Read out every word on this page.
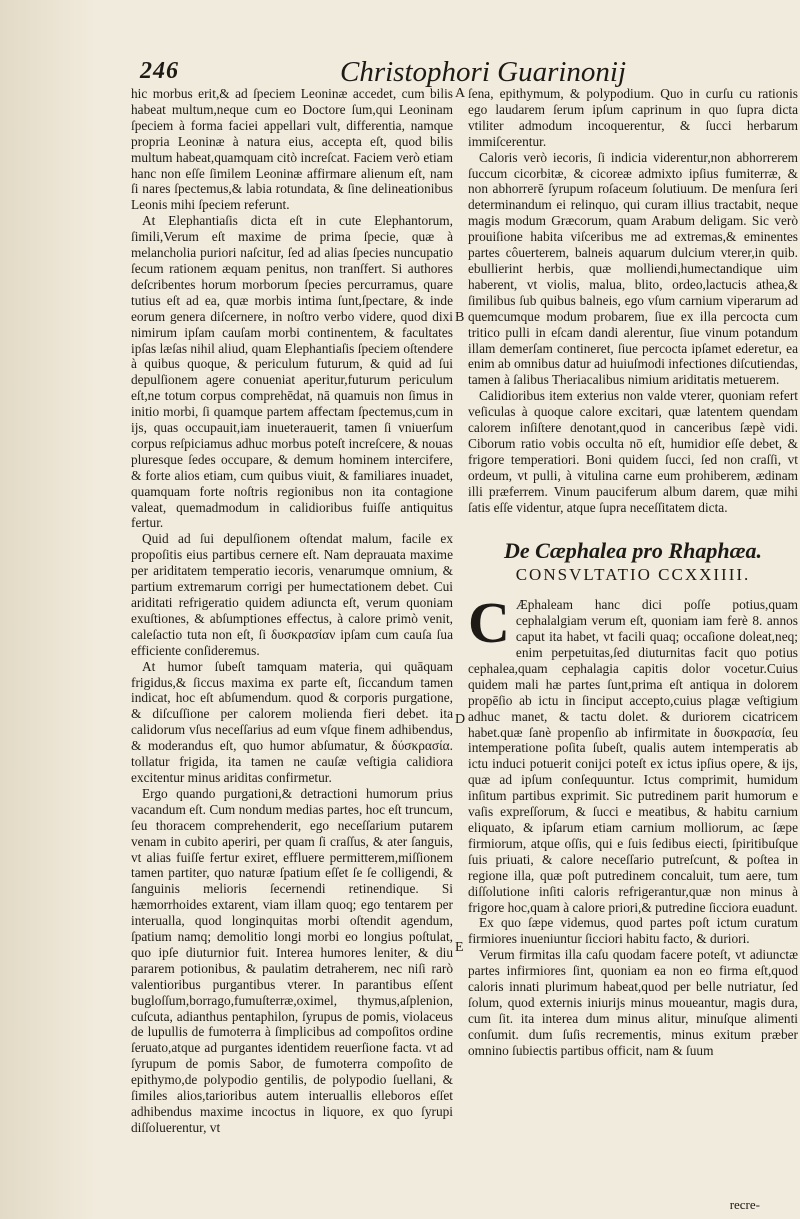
246	Christophori Guarinonij
A
B
D
E

hic morbus erit,& ad ſpeciem Leoninæ accedet, cum bilis habeat multum,neque cum eo Doctore ſum,qui Leoninam ſpeciem à forma faciei appellari vult, differentia, namque propria Leoninæ à natura eius, accepta eſt, quod bilis multum habeat,quamquam citò increſcat. Faciem verò etiam hanc non eſſe ſimilem Leoninæ affirmare alienum eſt, nam ſi nares ſpectemus,& labia rotundata, & ſine delineationibus Leonis mihi ſpeciem referunt.

At Elephantiaſis dicta eſt in cute Elephantorum, ſimili,Verum eſt maxime de prima ſpecie, quæ à melancholia puriori naſcitur, ſed ad alias ſpecies nuncupatio ſecum rationem æquam penitus, non tranſfert. Si authores deſcribentes horum morborum ſpecies percurramus, quare tutius eſt ad ea, quæ morbis intima ſunt,ſpectare, & inde eorum genera diſcernere, in noſtro verbo videre, quod dixi nimirum ipſam cauſam morbi continentem, & facultates ipſas læſas nihil aliud, quam Elephantiaſis ſpeciem oſtendere à quibus quoque, & periculum futurum, & quid ad ſui depulſionem agere conueniat aperitur,futurum periculum eſt,ne totum corpus comprehēdat, nā quamuis non ſimus in initio morbi, ſi quamque partem affectam ſpectemus,cum in ijs, quas occupauit,iam inueterauerit, tamen ſi vniuerſum corpus reſpiciamus adhuc morbus poteſt increſcere, & nouas pluresque ſedes occupare, & demum hominem intercifere, & forte alios etiam, cum quibus viuit, & familiares inuadet, quamquam forte noſtris regionibus non ita contagione valeat, quemadmodum in calidioribus fuiſſe antiquitus fertur.

Quid ad ſui depulſionem oſtendat malum, facile ex propoſitis eius partibus cernere eſt. Nam deprauata maxime per ariditatem temperatio iecoris, venarumque omnium, & partium extremarum corrigi per humectationem debet. Cui ariditati refrigeratio quidem adiuncta eſt, verum quoniam exuſtiones, & abſumptiones effectus, à calore primò venit, caleſactio tuta non eſt, ſi δυσκρασίαν ipſam cum cauſa ſua efficiente conſideremus.

At humor ſubeſt tamquam materia, qui quāquam frigidus,& ſiccus maxima ex parte eſt, ſiccandum tamen indicat, hoc eſt abſumendum. quod & corporis purgatione, & diſcuſſione per calorem molienda fieri debet. ita calidorum vſus neceſſarius ad eum vſque finem adhibendus, & moderandus eſt, quo humor abſumatur, & δύσκρασία. tollatur frigida, ita tamen ne cauſæ veſtigia calidiora excitentur minus ariditas confirmetur.

Ergo quando purgationi,& detractioni humorum prius vacandum eſt. Cum nondum medias partes, hoc eſt truncum, ſeu thoracem comprehenderit, ego neceſſarium putarem venam in cubito aperiri, per quam ſi craſſus, & ater ſanguis, vt alias fuiſſe fertur exiret, effluere permitterem,miſſionem tamen partiter, quo naturæ ſpatium eſſet ſe ſe colligendi, & ſanguinis melioris ſecernendi retinendique. Si hæmorrhoides extarent, viam illam quoq; ego tentarem per interualla, quod longinquitas morbi oſtendit agendum, ſpatium namq; demolitio longi morbi eo longius poſtulat, quo ipſe diuturnior fuit. Interea humores leniter, & diu pararem potionibus, & paulatim detraherem, nec niſi rarò valentioribus purgantibus vterer. In parantibus eſſent bugloſſum,borrago,fumuſterræ,oximel, thymus,aſplenion, cuſcuta, adianthus pentaphilon, ſyrupus de pomis, violaceus de lupullis de fumoterra à ſimplicibus ad compoſitos ordine ſeruato,atque ad purgantes identidem reuerſione facta. vt ad ſyrupum de pomis Sabor, de fumoterra compoſito de epithymo,de polypodio gentilis, de polypodio ſuellani, & ſimiles alios,tarioribus autem interuallis elleboros eſſet adhibendus maxime incoctus in liquore, ex quo ſyrupi diſſoluerentur, vt

ſena, epithymum, & polypodium. Quo in curſu cu rationis ego laudarem ſerum ipſum caprinum in quo ſupra dicta vtiliter admodum incoquerentur, & ſucci herbarum immiſcerentur.

Caloris verò iecoris, ſi indicia viderentur,non abhorrerem ſuccum cicorbitæ, & cicoreæ admixto ipſius fumiterræ, & non abhorrerē ſyrupum roſaceum ſolutiuum. De menſura ſeri determinandum ei relinquo, qui curam illius tractabit, neque magis modum Græcorum, quam Arabum deligam. Sic verò prouiſione habita viſceribus me ad extremas,& eminentes partes côuerterem, balneis aquarum dulcium vterer,in quib. ebullierint herbis, quæ molliendi,humectandique uim haberent, vt violis, malua, blito, ordeo,lactucis athea,& ſimilibus ſub quibus balneis, ego vſum carnium viperarum ad quemcumque modum probarem, ſiue ex illa percocta cum tritico pulli in eſcam dandi alerentur, ſiue vinum potandum illam demerſam contineret, ſiue percocta ipſamet ederetur, ea enim ab omnibus datur ad huiuſmodi infectiones diſcutiendas, tamen à ſalibus Theriacalibus nimium ariditatis metuerem.

Calidioribus item exterius non valde vterer, quoniam refert veſiculas à quoque calore excitari, quæ latentem quendam calorem inſiſtere denotant,quod in canceribus ſæpè vidi. Ciborum ratio vobis occulta nō eſt, humidior eſſe debet, & frigore temperatiori. Boni quidem ſucci, ſed non craſſi, vt ordeum, vt pulli, à vitulina carne eum prohiberem, ædinam illi præferrem. Vinum pauciferum album darem, quæ mihi ſatis eſſe videntur, atque ſupra neceſſitatem dicta.

De Cæphalea pro Rhaphæa.
CONSVLTATIO CCXXIIII.

C Æphaleam hanc dici poſſe potius,quam cephalalgiam verum eſt, quoniam iam ferè 8. annos caput ita habet, vt facili quaq; occaſione doleat,neq; enim perpetuitas,ſed diuturnitas facit quo potius cephalea,quam cephalagia capitis dolor vocetur.Cuius quidem mali hæ partes ſunt,prima eſt antiqua in dolorem propēſio ab ictu in ſinciput accepto,cuius plagæ veſtigium adhuc manet, & tactu dolet. & duriorem cicatricem habet.quæ ſanè propenſio ab infirmitate in δυσκρασία, ſeu intemperatione poſita ſubeſt, qualis autem intemperatis ab ictu induci potuerit conijci poteſt ex ictus ipſius opere, & ijs, quæ ad ipſum conſequuntur. Ictus comprimit, humidum inſitum partibus exprimit. Sic putredinem parit humorum e vaſis expreſſorum, & ſucci e meatibus, & habitu carnium eliquato, & ipſarum etiam carnium molliorum, ac ſæpe firmiorum, atque oſſis, qui e ſuis ſedibus eiecti, ſpiritibuſque ſuis priuati, & calore neceſſario putreſcunt, & poſtea in regione illa, quæ poſt putredinem concaluit, tum aere, tum diſſolutione inſiti caloris refrigerantur,quæ non minus à frigore hoc,quam à calore priori,& putredine ſicciora euadunt.

Ex quo ſæpe videmus, quod partes poſt ictum curatum firmiores inueniuntur ſicciori habitu facto, & duriori.

Verum firmitas illa caſu quodam facere poteſt, vt adiunctæ partes infirmiores ſint, quoniam ea non eo firma eſt,quod caloris innati plurimum habeat,quod per belle nutriatur, ſed ſolum, quod externis iniurijs minus moueantur, magis dura, cum ſit. ita interea dum minus alitur, minuſque alimenti conſumit. dum ſuſis recrementis, minus exitum præber omnino ſubiectis partibus officit, nam & ſuum

recre-
